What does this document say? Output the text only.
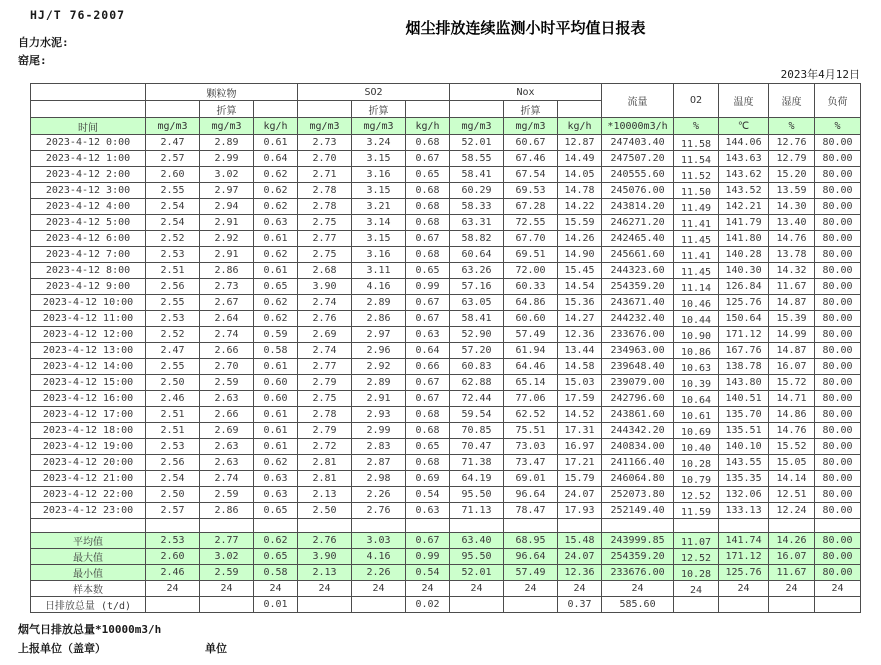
HJ/T 76-2007
烟尘排放连续监测小时平均值日报表
自力水泥:
窑尾:
2023年4月12日
	颗粒物			SO2			Nox			流量	O2	温度	湿度	负荷
		折算			折算			折算						
时间	mg/m3	mg/m3	kg/h	mg/m3	mg/m3	kg/h	mg/m3	mg/m3	kg/h	*10000m3/h	%	℃	%	%
2023-4-12 0:00	2.47	2.89	0.61	2.73	3.24	0.68	52.01	60.67	12.87	247403.40	11.58	144.06	12.76	80.00
2023-4-12 1:00	2.57	2.99	0.64	2.70	3.15	0.67	58.55	67.46	14.49	247507.20	11.54	143.63	12.79	80.00
2023-4-12 2:00	2.60	3.02	0.62	2.71	3.16	0.65	58.41	67.54	14.05	240555.60	11.52	143.62	15.20	80.00
2023-4-12 3:00	2.55	2.97	0.62	2.78	3.15	0.68	60.29	69.53	14.78	245076.00	11.50	143.52	13.59	80.00
2023-4-12 4:00	2.54	2.94	0.62	2.78	3.21	0.68	58.33	67.28	14.22	243814.20	11.49	142.21	14.30	80.00
2023-4-12 5:00	2.54	2.91	0.63	2.75	3.14	0.68	63.31	72.55	15.59	246271.20	11.41	141.79	13.40	80.00
2023-4-12 6:00	2.52	2.92	0.61	2.77	3.15	0.67	58.82	67.70	14.26	242465.40	11.45	141.80	14.76	80.00
2023-4-12 7:00	2.53	2.91	0.62	2.75	3.16	0.68	60.64	69.51	14.90	245661.60	11.41	140.28	13.78	80.00
2023-4-12 8:00	2.51	2.86	0.61	2.68	3.11	0.65	63.26	72.00	15.45	244323.60	11.45	140.30	14.32	80.00
2023-4-12 9:00	2.56	2.73	0.65	3.90	4.16	0.99	57.16	60.33	14.54	254359.20	11.14	126.84	11.67	80.00
2023-4-12 10:00	2.55	2.67	0.62	2.74	2.89	0.67	63.05	64.86	15.36	243671.40	10.46	125.76	14.87	80.00
2023-4-12 11:00	2.53	2.64	0.62	2.76	2.86	0.67	58.41	60.60	14.27	244232.40	10.44	150.64	15.39	80.00
2023-4-12 12:00	2.52	2.74	0.59	2.69	2.97	0.63	52.90	57.49	12.36	233676.00	10.90	171.12	14.99	80.00
2023-4-12 13:00	2.47	2.66	0.58	2.74	2.96	0.64	57.20	61.94	13.44	234963.00	10.86	167.76	14.87	80.00
2023-4-12 14:00	2.55	2.70	0.61	2.77	2.92	0.66	60.83	64.46	14.58	239648.40	10.63	138.78	16.07	80.00
2023-4-12 15:00	2.50	2.59	0.60	2.79	2.89	0.67	62.88	65.14	15.03	239079.00	10.39	143.80	15.72	80.00
2023-4-12 16:00	2.46	2.63	0.60	2.75	2.91	0.67	72.44	77.06	17.59	242796.60	10.64	140.51	14.71	80.00
2023-4-12 17:00	2.51	2.66	0.61	2.78	2.93	0.68	59.54	62.52	14.52	243861.60	10.61	135.70	14.86	80.00
2023-4-12 18:00	2.51	2.69	0.61	2.79	2.99	0.68	70.85	75.51	17.31	244342.20	10.69	135.51	14.76	80.00
2023-4-12 19:00	2.53	2.63	0.61	2.72	2.83	0.65	70.47	73.03	16.97	240834.00	10.40	140.10	15.52	80.00
2023-4-12 20:00	2.56	2.63	0.62	2.81	2.87	0.68	71.38	73.47	17.21	241166.40	10.28	143.55	15.05	80.00
2023-4-12 21:00	2.54	2.74	0.63	2.81	2.98	0.69	64.19	69.01	15.79	246064.80	10.79	135.35	14.14	80.00
2023-4-12 22:00	2.50	2.59	0.63	2.13	2.26	0.54	95.50	96.64	24.07	252073.80	12.52	132.06	12.51	80.00
2023-4-12 23:00	2.57	2.86	0.65	2.50	2.76	0.63	71.13	78.47	17.93	252149.40	11.59	133.13	12.24	80.00

平均值	2.53	2.77	0.62	2.76	3.03	0.67	63.40	68.95	15.48	243999.85	11.07	141.74	14.26	80.00
最大值	2.60	3.02	0.65	3.90	4.16	0.99	95.50	96.64	24.07	254359.20	12.52	171.12	16.07	80.00
最小值	2.46	2.59	0.58	2.13	2.26	0.54	52.01	57.49	12.36	233676.00	10.28	125.76	11.67	80.00
样本数	24	24	24	24	24	24	24	24	24	24	24	24	24	24
日排放总量 (t/d)			0.01			0.02			0.37	585.60				
烟气日排放总量*10000m3/h
上报单位（盖章）	单位
